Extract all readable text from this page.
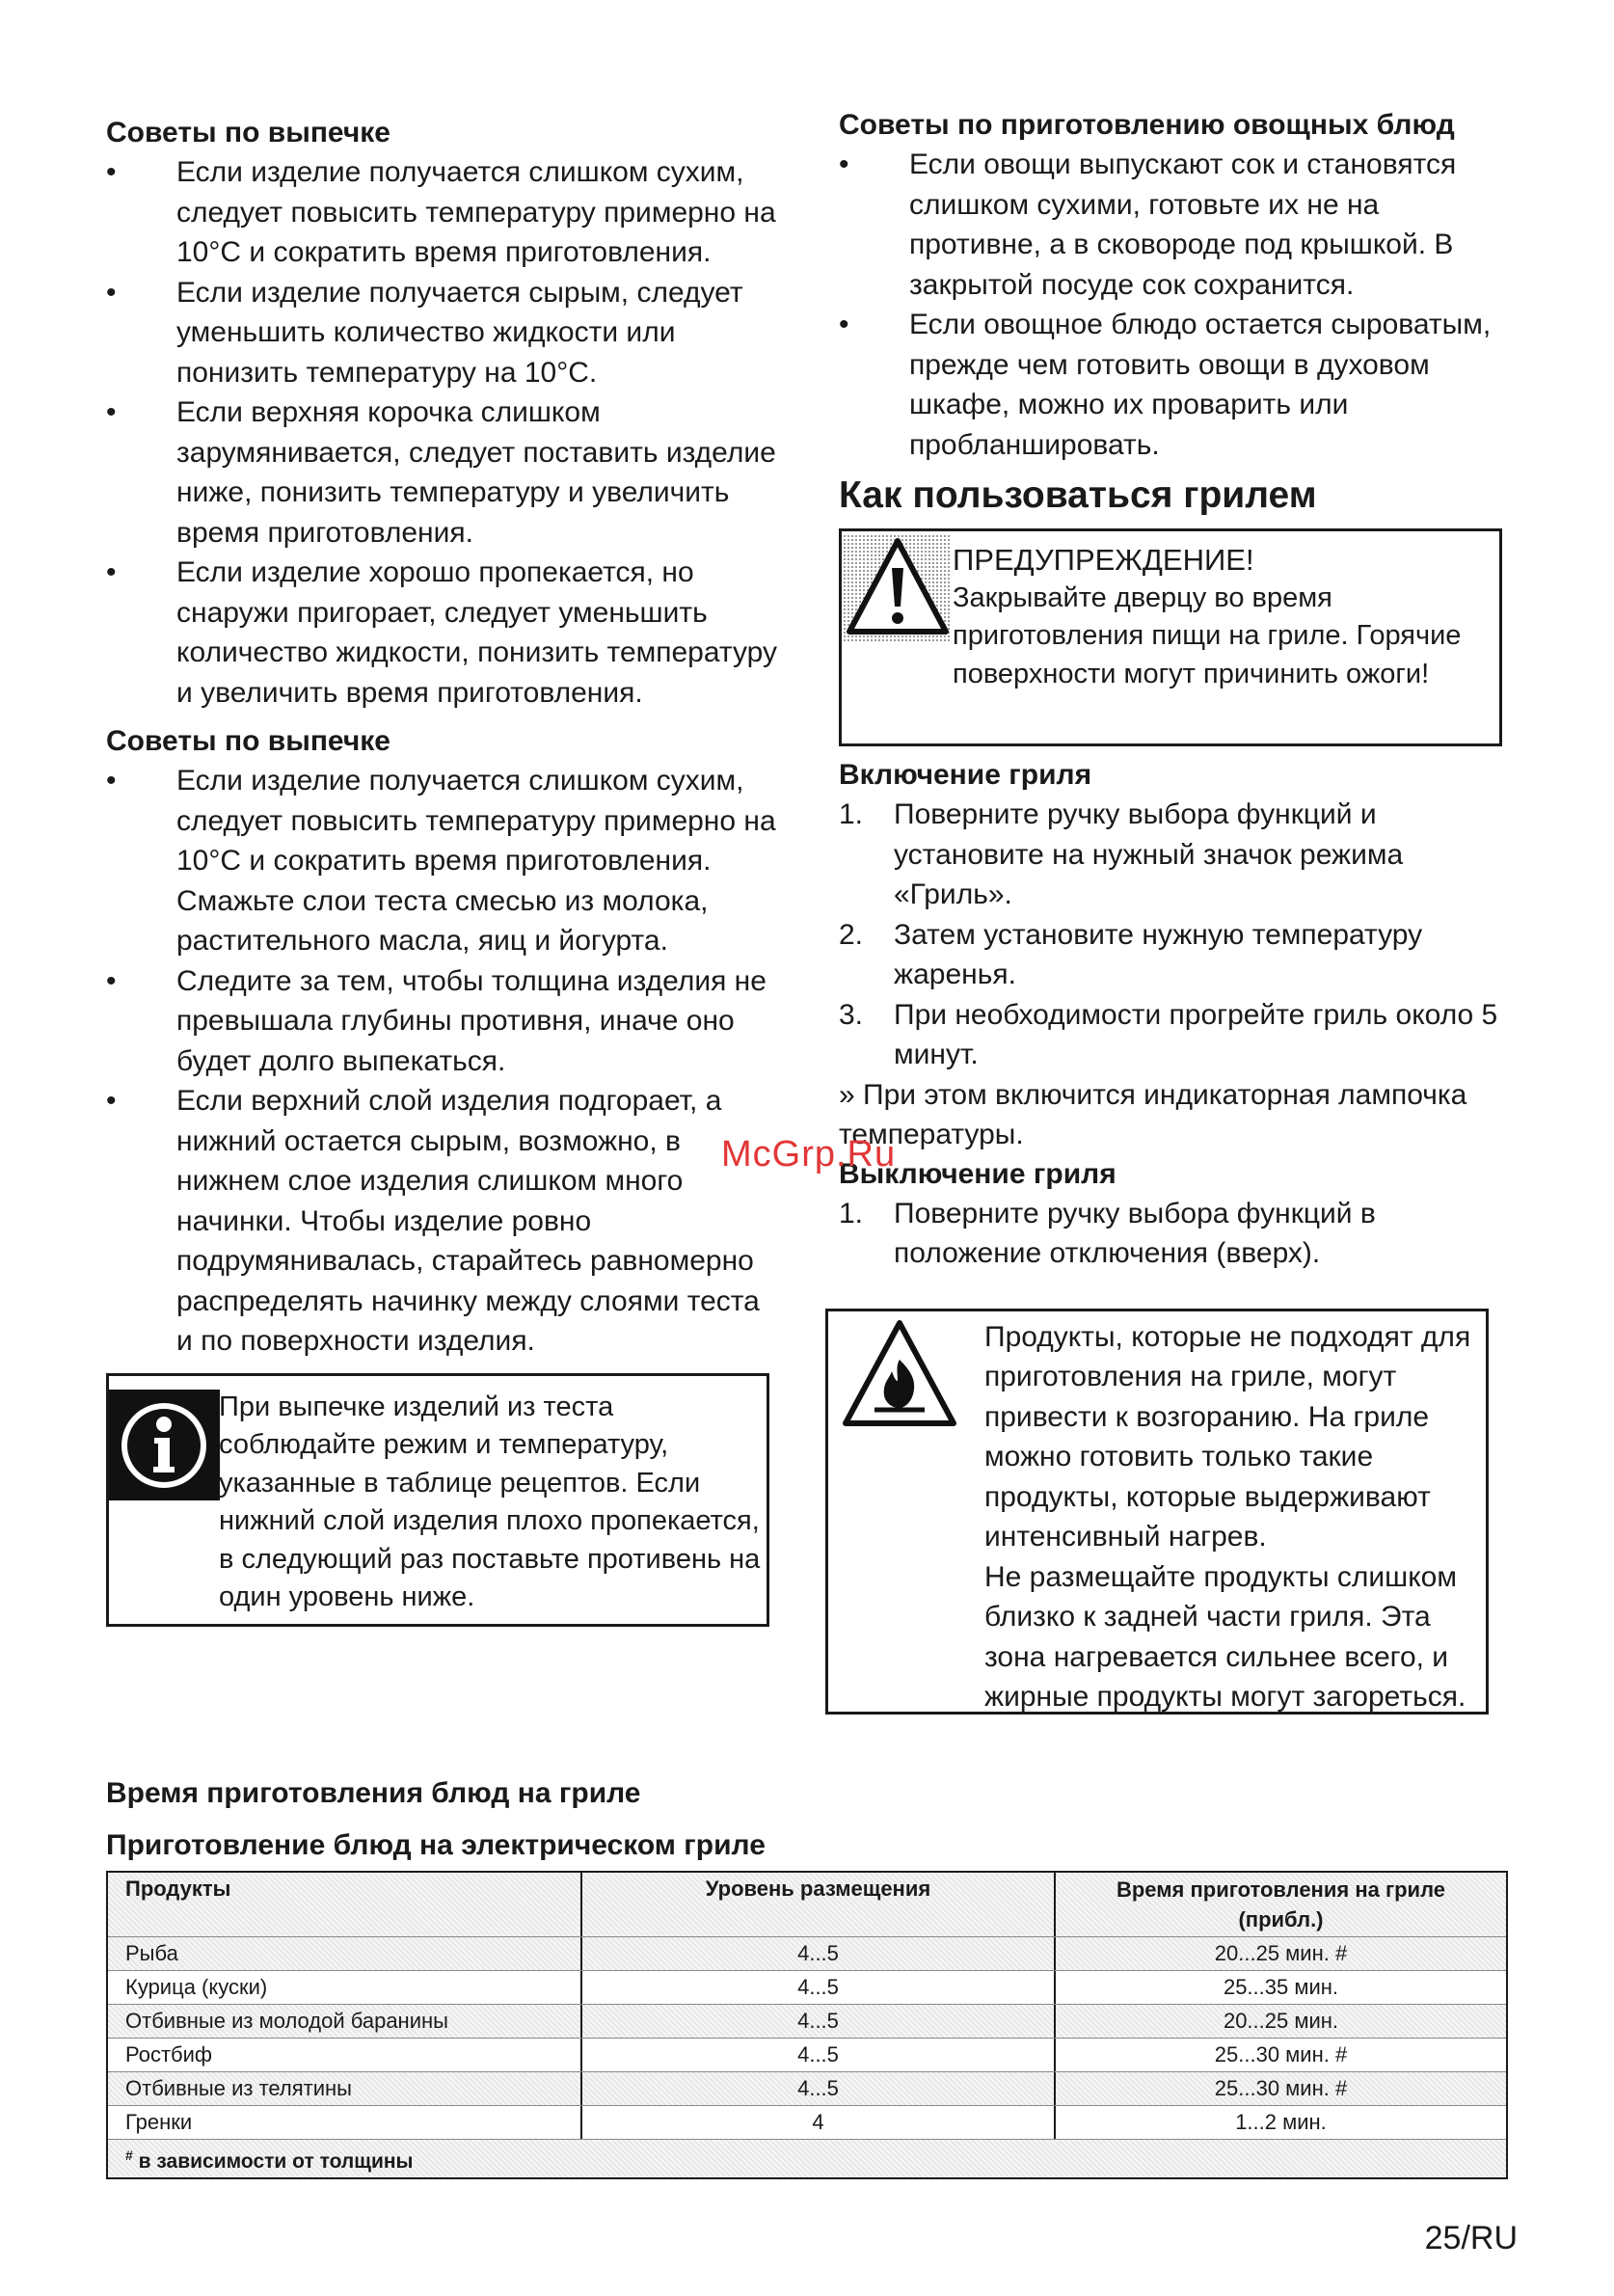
Советы по выпечке
• Если изделие получается слишком сухим, следует повысить температуру примерно на 10°С и сократить время приготовления.
• Если изделие получается сырым, следует уменьшить количество жидкости или понизить температуру на 10°С.
• Если верхняя корочка слишком зарумянивается, следует поставить изделие ниже, понизить температуру и увеличить время приготовления.
• Если изделие хорошо пропекается, но снаружи пригорает, следует уменьшить количество жидкости, понизить температуру и увеличить время приготовления.
Советы по выпечке
• Если изделие получается слишком сухим, следует повысить температуру примерно на 10°С и сократить время приготовления. Смажьте слои теста смесью из молока, растительного масла, яиц и йогурта.
• Следите за тем, чтобы толщина изделия не превышала глубины противня, иначе оно будет долго выпекаться.
• Если верхний слой изделия подгорает, а нижний остается сырым, возможно, в нижнем слое изделия слишком много начинки. Чтобы изделие ровно подрумянивалась, старайтесь равномерно распределять начинку между слоями теста и по поверхности изделия.
При выпечке изделий из теста соблюдайте режим и температуру, указанные в таблице рецептов. Если нижний слой изделия плохо пропекается, в следующий раз поставьте противень на один уровень ниже.
Советы по приготовлению овощных блюд
• Если овощи выпускают сок и становятся слишком сухими, готовьте их не на противне, а в сковороде под крышкой. В закрытой посуде сок сохранится.
• Если овощное блюдо остается сыроватым, прежде чем готовить овощи в духовом шкафе, можно их проварить или пробланшировать.
Как пользоваться грилем
ПРЕДУПРЕЖДЕНИЕ!
Закрывайте дверцу во время приготовления пищи на гриле. Горячие поверхности могут причинить ожоги!
Включение гриля
1. Поверните ручку выбора функций и установите на нужный значок режима «Гриль».
2. Затем установите нужную температуру жаренья.
3. При необходимости прогрейте гриль около 5 минут.

» При этом включится индикаторная лампочка температуры.

Выключение гриля
1. Поверните ручку выбора функций в положение отключения (вверх).
Продукты, которые не подходят для приготовления на гриле, могут привести к возгоранию. На гриле можно готовить только такие продукты, которые выдерживают интенсивный нагрев.
Не размещайте продукты слишком близко к задней части гриля. Эта зона нагревается сильнее всего, и жирные продукты могут загореться.
McGrp.Ru
Время приготовления блюд на гриле
Приготовление блюд на электрическом гриле
Продукты	Уровень размещения	Время приготовления на гриле (прибл.)
Рыба	4...5	20...25 мин. #
Курица (куски)	4...5	25...35 мин.
Отбивные из молодой баранины	4...5	20...25 мин.
Ростбиф	4...5	25...30 мин. #
Отбивные из телятины	4...5	25...30 мин. #
Гренки	4	1...2 мин.
# в зависимости от толщины
25/RU
